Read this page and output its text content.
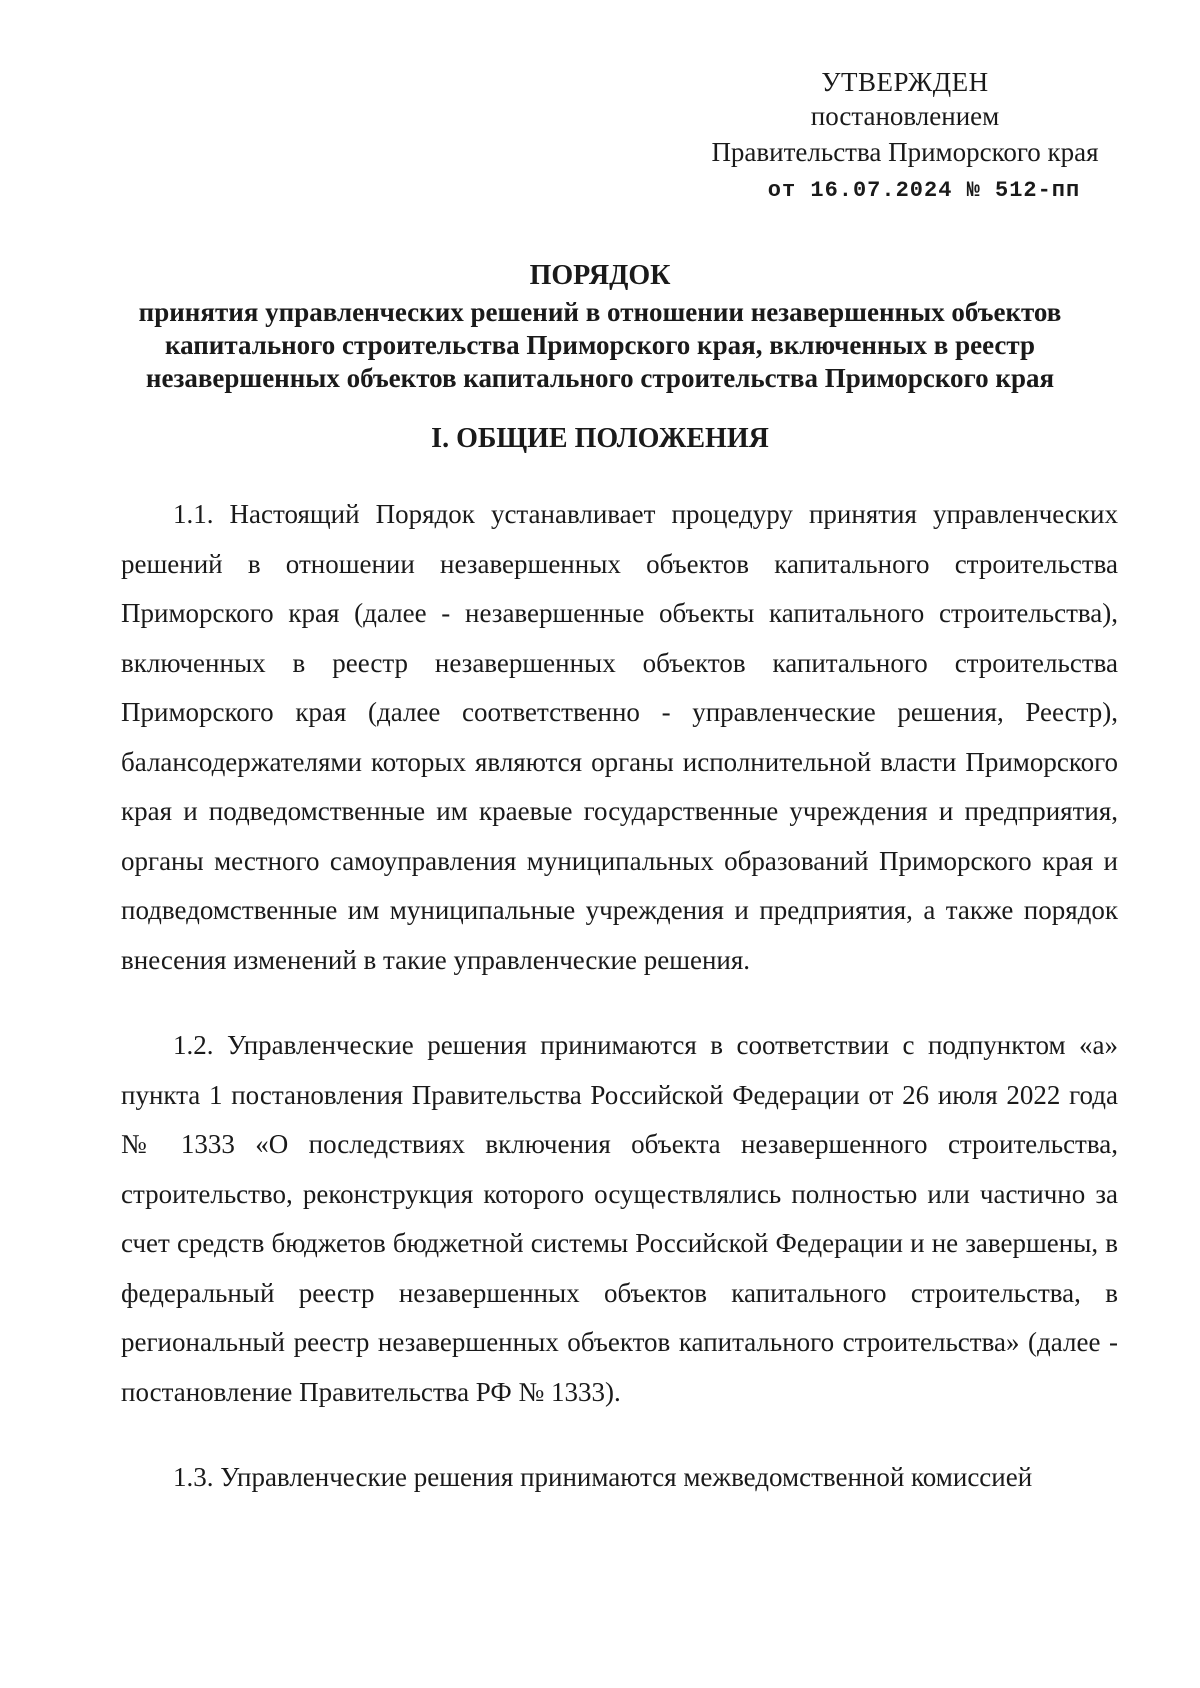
УТВЕРЖДЕН
постановлением
Правительства Приморского края
от 16.07.2024 № 512-пп
ПОРЯДОК
принятия управленческих решений в отношении незавершенных объектов
капитального строительства Приморского края, включенных в реестр
незавершенных объектов капитального строительства Приморского края
I. ОБЩИЕ ПОЛОЖЕНИЯ

1.1. Настоящий Порядок устанавливает процедуру принятия управленческих решений в отношении незавершенных объектов капитального строительства Приморского края (далее - незавершенные объекты капитального строительства), включенных в реестр незавершенных объектов капитального строительства Приморского края (далее соответственно - управленческие решения, Реестр), балансодержателями которых являются органы исполнительной власти Приморского края и подведомственные им краевые государственные учреждения и предприятия, органы местного самоуправления муниципальных образований Приморского края и подведомственные им муниципальные учреждения и предприятия, а также порядок внесения изменений в такие управленческие решения.

1.2. Управленческие решения принимаются в соответствии с подпунктом «а» пункта 1 постановления Правительства Российской Федерации от 26 июля 2022 года № 1333 «О последствиях включения объекта незавершенного строительства, строительство, реконструкция которого осуществлялись полностью или частично за счет средств бюджетов бюджетной системы Российской Федерации и не завершены, в федеральный реестр незавершенных объектов капитального строительства, в региональный реестр незавершенных объектов капитального строительства» (далее - постановление Правительства РФ № 1333).

1.3. Управленческие решения принимаются межведомственной комиссией
